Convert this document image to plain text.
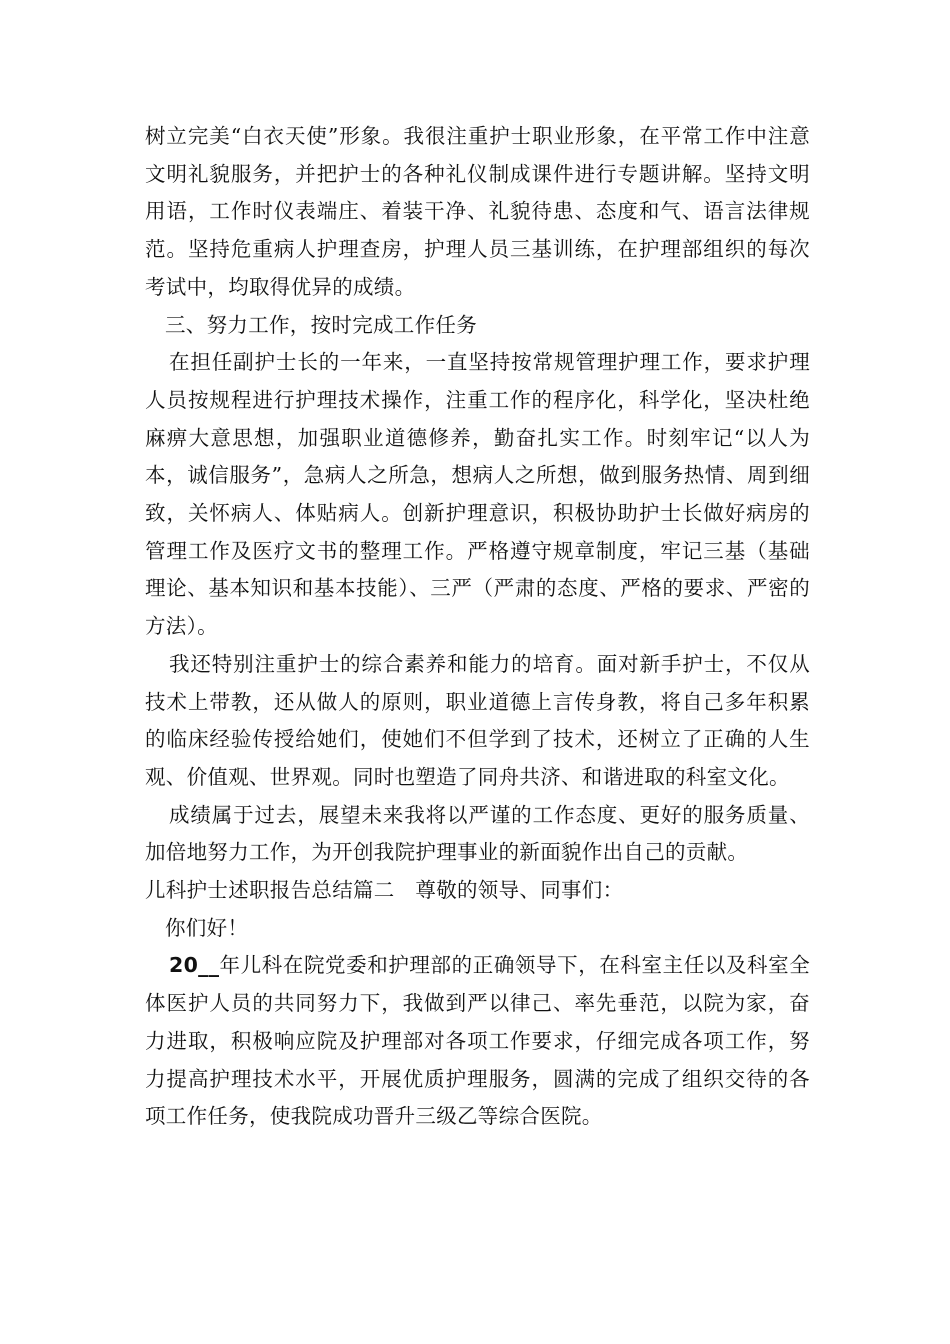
树立完美“白衣天使”形象。我很注重护士职业形象，在平常工作中注意文明礼貌服务，并把护士的各种礼仪制成课件进行专题讲解。坚持文明用语，工作时仪表端庄、着装干净、礼貌待患、态度和气、语言法律规范。坚持危重病人护理查房，护理人员三基训练，在护理部组织的每次考试中，均取得优异的成绩。

三、努力工作，按时完成工作任务

在担任副护士长的一年来，一直坚持按常规管理护理工作，要求护理人员按规程进行护理技术操作，注重工作的程序化，科学化，坚决杜绝麻痹大意思想，加强职业道德修养，勤奋扎实工作。时刻牢记“以人为本，诚信服务”，急病人之所急，想病人之所想，做到服务热情、周到细致，关怀病人、体贴病人。创新护理意识，积极协助护士长做好病房的管理工作及医疗文书的整理工作。严格遵守规章制度，牢记三基（基础理论、基本知识和基本技能）、三严（严肃的态度、严格的要求、严密的方法）。

我还特别注重护士的综合素养和能力的培育。面对新手护士，不仅从技术上带教，还从做人的原则，职业道德上言传身教，将自己多年积累的临床经验传授给她们，使她们不但学到了技术，还树立了正确的人生观、价值观、世界观。同时也塑造了同舟共济、和谐进取的科室文化。

成绩属于过去，展望未来我将以严谨的工作态度、更好的服务质量、加倍地努力工作，为开创我院护理事业的新面貌作出自己的贡献。

儿科护士述职报告总结篇二　尊敬的领导、同事们：

你们好！

20__年儿科在院党委和护理部的正确领导下，在科室主任以及科室全体医护人员的共同努力下，我做到严以律己、率先垂范，以院为家，奋力进取，积极响应院及护理部对各项工作要求，仔细完成各项工作，努力提高护理技术水平，开展优质护理服务，圆满的完成了组织交待的各项工作任务，使我院成功晋升三级乙等综合医院。
